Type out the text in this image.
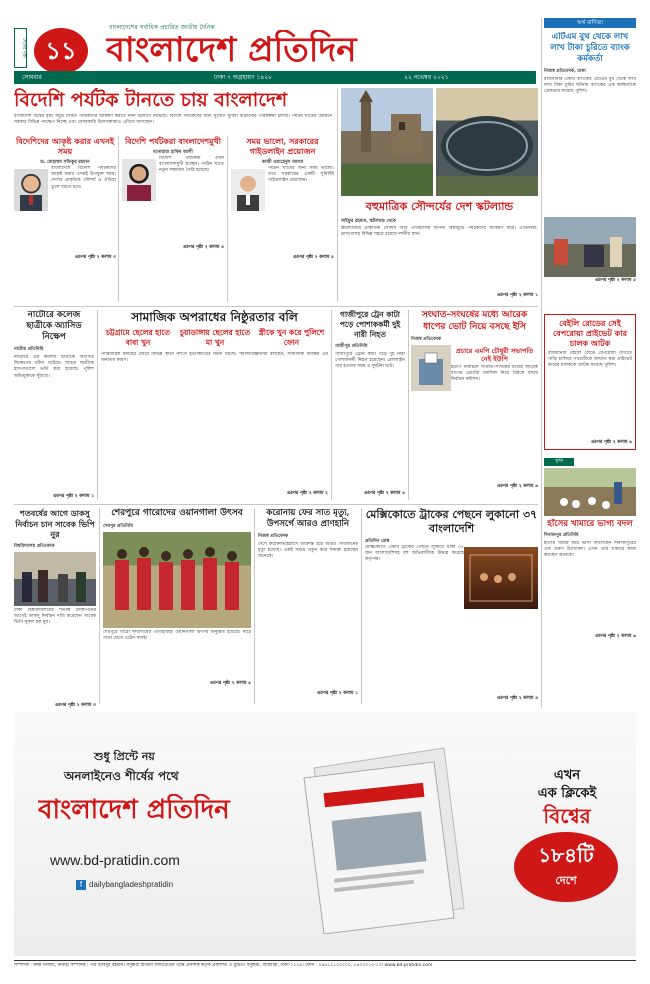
শেষের পৃষ্ঠা ১১
বাংলাদেশের সর্বাধিক প্রচারিত জাতীয় দৈনিক
বাংলাদেশ প্রতিদিন
সোমবার	ঢাকা ৭ অগ্রহায়ণ ১৪২৮	২২ নভেম্বর ২০২১
বিদেশি পর্যটক টানতে চায় বাংলাদেশ
বাংলাদেশ বিশ্বের বৃহৎ সমুদ্র সৈকত পর্যটকদের আকর্ষণ করতে নানা উদ্যোগ নিয়েছে। বিদেশি পর্যটকদের জন্য সুযোগ সুবিধা বাড়ানোর পরিকল্পনা চলছে। পর্যটন খাতের উন্নয়নে সরকার বিভিন্ন পদক্ষেপ নিচ্ছে এবং বেসরকারি উদ্যোক্তারাও এগিয়ে আসছেন।
বিদেশিদের আকৃষ্ট করার এখনই সময়
ড. মোহাম্মদ সফিকুর রহমান
বাংলাদেশে বিদেশি পর্যটকদের আকৃষ্ট করার এখনই উপযুক্ত সময়। দেশের প্রাকৃতিক সৌন্দর্য ও ঐতিহ্য তুলে ধরতে হবে।
এরপর পৃষ্ঠা ২ কলাম ৩
বিদেশি পর্যটকরা বাংলাদেশমুখী
মনোয়ারা হাকিম আলী
বিদেশি পর্যটকরা এখন বাংলাদেশমুখী হচ্ছেন। পর্যটন খাতে নতুন সম্ভাবনা তৈরি হয়েছে।
এরপর পৃষ্ঠা ২ কলাম ৪
সময় ভালো, সরকারের গাইডলাইন প্রয়োজন
কাজী ওয়াহেদুল আলম
পর্যটন খাতের জন্য সময় ভালো। তবে সরকারের একটি সুনির্দিষ্ট গাইডলাইন প্রয়োজন।
এরপর পৃষ্ঠা ২ কলাম ৫
বহুমাত্রিক সৌন্দর্যের দেশ স্কটল্যান্ড
সাইফুর রহমান, স্কটল্যান্ড থেকে
স্কটল্যান্ডের প্রাকৃতিক সৌন্দর্য আর ঐতিহাসিক স্থাপনা বিশ্বজুড়ে পর্যটকদের আকর্ষণ করে। এডিনবরা, গ্লাসগোসহ বিভিন্ন শহরে রয়েছে দর্শনীয় স্থান।
এরপর পৃষ্ঠা ২ কলাম ১
অর্থ বাণিজ্য
এটিএম বুথ থেকে লাখ লাখ টাকা চুরিতে ব্যাংক কর্মকর্তা
নিজস্ব প্রতিবেদক, ঢাকা
রাজধানীর একটি ব্যাংকের এটিএম বুথ থেকে লাখ লাখ টাকা চুরির ঘটনায় ব্যাংকের এক কর্মকর্তাকে গ্রেফতার করেছে পুলিশ।
এরপর পৃষ্ঠা ২ কলাম ৫
বেইলি রোডের সেই বেপরোয়া প্রাইভেট কার চালক আটক
রাজধানীর বেইলি রোডে বেপরোয়া গতিতে গাড়ি চালিয়ে পথচারীকে আঘাত করা প্রাইভেট কারের চালককে আটক করেছে পুলিশ।
এরপর পৃষ্ঠা ২ কলাম ৬
কৃষি
হাঁসের খামারে ভাগ্য বদল
দিনাজপুর প্রতিনিধি
হাঁসের খামার করে ভাগ্য বদলেছেন দিনাজপুরের এক তরুণ উদ্যোক্তা। এখন তার খামারে কাজ করছেন অনেকে।
এরপর পৃষ্ঠা ২ কলাম ৬
নাটোরে কলেজ ছাত্রীকে অ্যাসিড নিক্ষেপ
নাটোর প্রতিনিধি
নাটোরে এক কলেজ ছাত্রীকে অ্যাসিড নিক্ষেপের ঘটনা ঘটেছে। আহত ছাত্রীকে হাসপাতালে ভর্তি করা হয়েছে। পুলিশ অভিযুক্তকে খুঁজছে।
এরপর পৃষ্ঠা ২ কলাম ১
সামাজিক অপরাধের নিষ্ঠুরতার বলি
চট্টগ্রামে ছেলের হাতে বাবা খুন
চুয়াডাঙ্গায় ছেলের হাতে মা খুন
স্ত্রীকে খুন করে পুলিশে ফোন
পারিবারিক কলহের জেরে বিভিন্ন স্থানে নৃশংস হত্যাকাণ্ডের ঘটনা ঘটছে। সমাজবিজ্ঞানীরা বলছেন, সামাজিক অবক্ষয় এর অন্যতম কারণ।
এরপর পৃষ্ঠা ২ কলাম ২
গাজীপুরে ট্রেন কাটা পড়ে পোশাককর্মী দুই নারী নিহত
গাজীপুর প্রতিনিধি
গাজীপুরে ট্রেনে কাটা পড়ে দুই নারী পোশাককর্মী নিহত হয়েছেন। রেললাইন পার হওয়ার সময় এ দুর্ঘটনা ঘটে।
এরপর পৃষ্ঠা ২ কলাম ৪
সংঘাত-সংঘর্ষের মধ্যে আরেক ধাপের ভোট নিয়ে বসছে ইসি
নিজস্ব প্রতিবেদক
প্রচারে এমপি চৌধুরী সভাপতি নেই ইউপি
ইউপি নির্বাচনে সংঘাত-সংঘর্ষের মধ্যেই আরেক ধাপের ভোটের তফসিল নিয়ে বৈঠকে বসছে নির্বাচন কমিশন।
এরপর পৃষ্ঠা ২ কলাম ৬
শতবর্ষের আগে ডাকসু নির্বাচন চান সাবেক ভিপি নুর
বিশ্ববিদ্যালয় প্রতিবেদক
ঢাকা বিশ্ববিদ্যালয়ের শতবর্ষ উদযাপনের আগেই ডাকসু নির্বাচন দাবি করেছেন সাবেক ভিপি নুরুল হক নুর।
এরপর পৃষ্ঠা ২ কলাম ৩
শেরপুরে গারোদের ওয়ানগালা উৎসব
শেরপুর প্রতিনিধি
শেরপুরে গারো সম্প্রদায়ের ঐতিহ্যবাহী ওয়ানগালা উৎসব অনুষ্ঠিত হয়েছে। নাচে গানে মেতে ওঠেন সবাই।
এরপর পৃষ্ঠা ২ কলাম ৫
করোনায় ফের সাত মৃত্যু, উপসর্গে আরও প্রাণহানি
নিজস্ব প্রতিবেদক
দেশে করোনাভাইরাসে আক্রান্ত হয়ে আরও সাতজনের মৃত্যু হয়েছে। একই সময়ে নতুন করে শনাক্ত হয়েছেন অনেকে।
এরপর পৃষ্ঠা ২ কলাম ১
মেক্সিকোতে ট্রাকের পেছনে লুকানো ৩৭ বাংলাদেশি
প্রতিদিন ডেস্ক
মেক্সিকোতে একটি ট্রাকের পেছনে লুকিয়ে থাকা ৩৭ জন বাংলাদেশিসহ বহু অভিবাসীকে উদ্ধার করেছে কর্তৃপক্ষ।
এরপর পৃষ্ঠা ২ কলাম ৪
শুধু প্রিন্টে নয়
অনলাইনেও শীর্ষের পথে
বাংলাদেশ প্রতিদিন
www.bd-pratidin.com
f dailybangladeshpratidin
এখন
এক ক্লিকেই
বিশ্বের
১৮৪টি
দেশে
সম্পাদক : নঈম নিজাম, নির্বাহী সম্পাদক : পীর হাবিবুর রহমান। বসুন্ধরা মিডিয়া লিমিটেডের পক্ষে প্রকাশক কর্তৃক প্রকাশিত ও মুদ্রিত। বসুন্ধরা, বারিধারা, ঢাকা-১২২৯। ফোন : ০৯৬১২১২০০০০, ৮৪০৩০১০-১৩। www.bd-pratidin.com
